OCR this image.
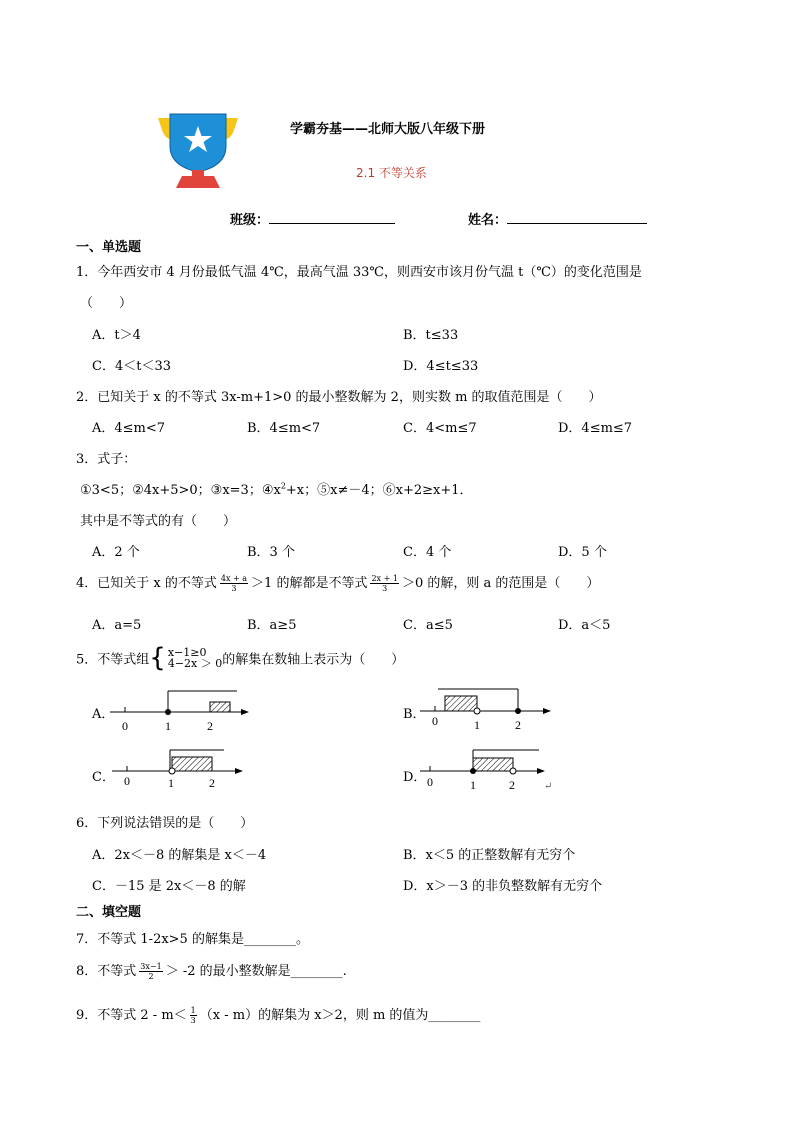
学霸夯基——北师大版八年级下册
2.1 不等关系
班级：	姓名：
一、单选题
1．今年西安市 4 月份最低气温 4℃，最高气温 33℃，则西安市该月份气温 t（℃）的变化范围是
（　　）
A．t＞4	B．t≤33
C．4＜t＜33	D．4≤t≤33
2．已知关于 x 的不等式 3x-m+1>0 的最小整数解为 2，则实数 m 的取值范围是（　　）
A．4≤m<7	B．4≤m<7	C．4<m≤7	D．4≤m≤7
3．式子：
①3<5；②4x+5>0；③x=3；$④x^2+x$；⑤x≠－4；⑥x+2≥x+1．
其中是不等式的有（　　）
A．2 个	B．3 个	C．4 个	D．5 个
4．已知关于 x 的不等式 $\frac{4x + a}{3} >1$ 的解都是不等式 $\frac{2x + 1}{3} >0$ 的解，则 a 的范围是（　　）
A．a=5	B．a≥5	C．a≤5	D．a＜5
5．不等式组{ x−1≥0
4−2x ＞ 0 的解集在数轴上表示为（　　）
A．
0	1	2
B． 0	1	2
C． 0	1	2	D． 0	1	2	↵
6．下列说法错误的是（　　）
A．2x＜－8 的解集是 x＜－4	B．x＜5 的正整数解有无穷个
C．－15 是 2x＜－8 的解	D．x＞－3 的非负整数解有无穷个
二、填空题
7．不等式 1-2x>5 的解集是________。
8．不等式 $\frac{3x-1}{2} > -2$ 的最小整数解是________.
9．不等式 $2 - m< \frac{1}{3} (x - m)$的解集为 x＞2，则 m 的值为________
